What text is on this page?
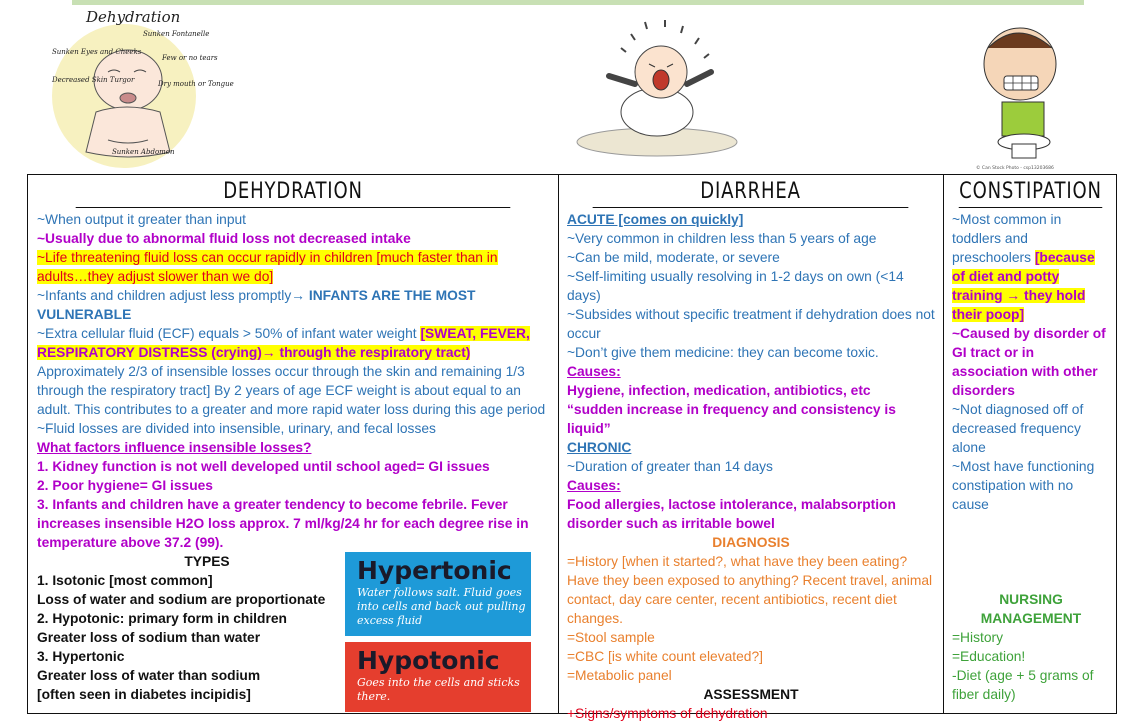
Dehydration
Sunken Fontanelle
Sunken Eyes and Cheeks
Few or no tears
Decreased Skin Turgor	Dry mouth or Tongue
Sunken Abdomen
© Can Stock Photo - csp13203686
DEHYDRATION

~When output it greater than input

~Usually due to abnormal fluid loss not decreased intake

~Life threatening fluid loss can occur rapidly in children [much faster than in adults…they adjust slower than we do]

~Infants and children adjust less promptly→ INFANTS ARE THE MOST VULNERABLE

~Extra cellular fluid (ECF) equals > 50% of infant water weight [SWEAT, FEVER, RESPIRATORY DISTRESS (crying)→ through the respiratory tract) Approximately 2/3 of insensible losses occur through the skin and remaining 1/3 through the respiratory tract] By 2 years of age ECF weight is about equal to an adult. This contributes to a greater and more rapid water loss during this age period

~Fluid losses are divided into insensible, urinary, and fecal losses

What factors influence insensible losses?

1. Kidney function is not well developed until school aged= GI issues

2. Poor hygiene= GI issues

3. Infants and children have a greater tendency to become febrile. Fever increases insensible H2O loss approx. 7 ml/kg/24 hr for each degree rise in temperature above 37.2 (99).

TYPES

1. Isotonic [most common]

Loss of water and sodium are proportionate

2. Hypotonic: primary form in children

Greater loss of sodium than water

3. Hypertonic

Greater loss of water than sodium

[often seen in diabetes incipidis]

Hypertonic
Water follows salt. Fluid goes into cells and back out pulling excess fluid
Hypotonic
Goes into the cells and sticks there.
DIARRHEA

ACUTE [comes on quickly]

~Very common in children less than 5 years of age

~Can be mild, moderate, or severe

~Self-limiting usually resolving in 1-2 days on own (<14 days)

~Subsides without specific treatment if dehydration does not occur

~Don’t give them medicine: they can become toxic.

Causes:

Hygiene, infection, medication, antibiotics, etc

“sudden increase in frequency and consistency is liquid”

CHRONIC

~Duration of greater than 14 days

Causes:

Food allergies, lactose intolerance, malabsorption disorder such as irritable bowel

DIAGNOSIS

=History [when it started?, what have they been eating? Have they been exposed to anything? Recent travel, animal contact, day care center, recent antibiotics, recent diet changes.

=Stool sample

=CBC [is white count elevated?]

=Metabolic panel

ASSESSMENT

+Signs/symptoms of dehydration

CONSTIPATION

~Most common in toddlers and preschoolers [because of diet and potty training → they hold their poop]

~Caused by disorder of GI tract or in association with other disorders

~Not diagnosed off of decreased frequency alone

~Most have functioning constipation with no cause

NURSING MANAGEMENT

=History

=Education!

-Diet (age + 5 grams of fiber daily)
